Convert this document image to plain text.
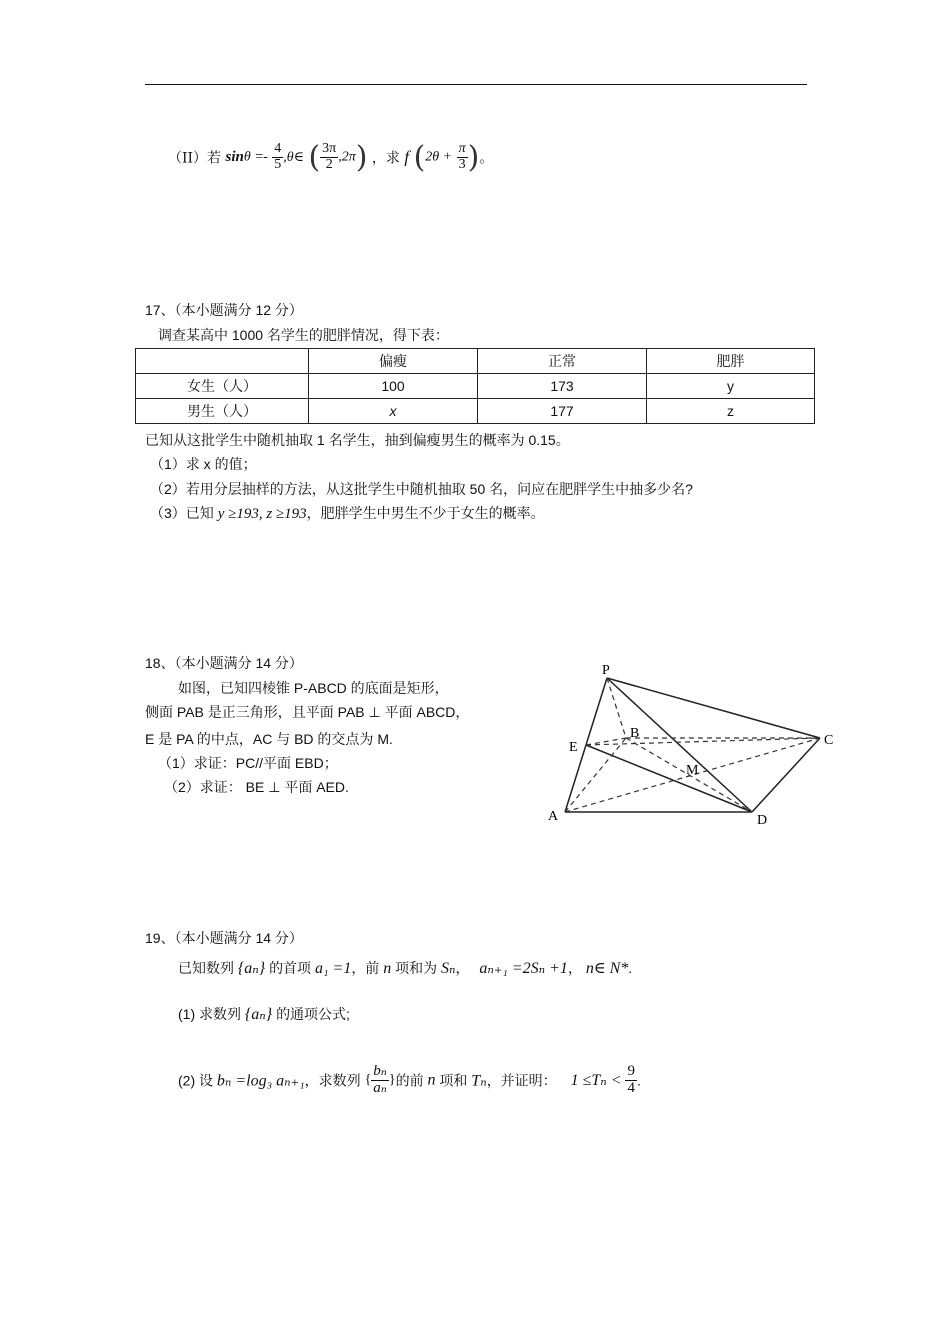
（II）若 $\sin\theta =- \frac{4}{5}$ ,θ∈ ( $\frac{3\pi}{2} ,2\pi$) ，求 f ($2\theta + \frac{\pi}{3}$ )。
17、（本小题满分 12 分）
调查某高中 1000 名学生的肥胖情况，得下表：
	偏瘦	正常	肥胖
女生（人）	100	173	y
男生（人）	x	177	z
已知从这批学生中随机抽取 1 名学生，抽到偏瘦男生的概率为 0.15。
（1）求 x 的值；
（2）若用分层抽样的方法，从这批学生中随机抽取 50 名，问应在肥胖学生中抽多少名?
（3）已知 y ≥193, z ≥193，肥胖学生中男生不少于女生的概率。
18、（本小题满分 14 分）
如图，已知四棱锥 P-ABCD 的底面是矩形，
侧面 PAB 是正三角形，且平面 PAB ⊥ 平面 ABCD，
E 是 PA 的中点，AC 与 BD 的交点为 M.
（1）求证：PC//平面 EBD；
（2）求证： BE ⊥ 平面 AED.
P
B
E	C
M
A	D
19、（本小题满分 14 分）
已知数列 {aₙ} 的首项 a₁ =1，前 n 项和为 Sₙ， aₙ₊₁ =2Sₙ +1， n∈ N*.
(1) 求数列 {aₙ} 的通项公式;
(2) 设 bₙ =log₃ aₙ₊₁，求数列 { $\frac{\text{bₙ}}{\text{aₙ}}$ }的前 n 项和 Tₙ，并证明： $1 \le T_n < \frac{9}{4}$ .
